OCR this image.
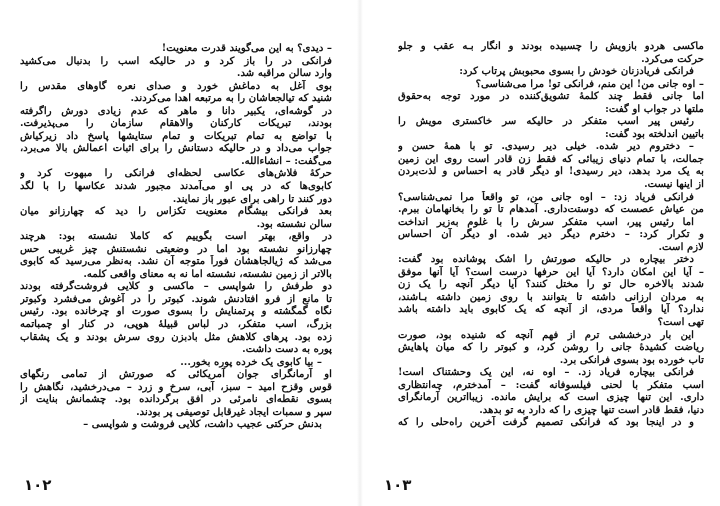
– دیدی؟ به این می‌گویند قدرت معنویت!
فرانکی در را باز کرد و در حالیکه اسب را بدنبال می‌کشید
وارد سالن مراقبه شد.
بوی آغل به دماغش خورد و صدای نعره گاوهای مقدس را
شنید که تیالجعاشان را به مرتبعه اهدا می‌کردند.
در گوشه‌ای، یکبیر دانا و ماهر که عدم زیادی دورش راگرفته
بودند، تبریکات کارکنان والاهقام سازمان را می‌پذیرفت.
با تواضع به تمام تبریکات و تمام ستایشها پاسخ داد زیرکیاش
جواب می‌داد و در حالیکه دستانش را برای اثبات اعمالش بالا می‌برد،
می‌گفت: – انشاءالله.
حرکهٔ فلاش‌های عکاسی لحظه‌ای فرانکی را مبهوت کرد و
کابوی‌ها که در پی او می‌آمدند مجبور شدند عکاسها را با لگد
دور کنند تا راهی برای عبور باز نمایند.
بعد فرانکی بیشگام معنویت تکزاس را دید که چهارزانو میان
سالن نشسته بود.
در واقع، بهتر است بگوییم که کاملا نشسته بود: هرچند
چهارزانو نشسته بود اما در وضعیتی نشستنش چیز غریبی حس
می‌شد که ژیالجاهشان فوراً متوجه آن نشد. بەنظر می‌رسید که کابوی
بالاتر از زمین نشسته، نشسته اما نه به معنای واقعی کلمه.
دو طرفش را شواپسی – ماکسی و کلایی فروشت‌گرفته بودند
تا مانع از فرو افتادنش شوند. کبوتر را در آغوش می‌فشرد وکبوتر
نگاه گمگشته و پرتمنایش را بسوی صورت او چرخانده بود. رئیس
بزرگ، اسب متفکر، در لباس قبیلهٔ هوپی، در کنار او چمباتمه
زده بود. پرهای کلاهش مثل بادبزن روی سرش بودند و یک پشقاب
پوره به دست داشت.
– بیا کابوی یک خرده پوره بخور...
او آرمانگرای جوان آمریکائی که صورتش از تمامی رنگهای
قوس وقزح امید – سبز، آبی، سرخ و زرد – می‌درخشید، نگاهش را
بسوی نقطه‌ای نامرئی در افق برگردانده بود. چشمانش بنایت از
سپر و سمبات ایجاد غیرقابل توصیفی پر بودند.
بدنش حرکتی عجیب داشت، کلایی فروشت و شواپسی –
۱۰۲
ماکسی هردو بازویش را چسبیده بودند و انگار بـه عقب و جلو
حرکت می‌کرد.
فرانکی فریادزنان خودش را بسوی محبوبش پرتاب کرد:
– اوه جانی من! این منم، فرانکی تو! مرا می‌شناسی؟
اما جانی فقط چند کلمهٔ تشویق‌کننده در مورد توجه به‌حقوق
ملتها در جواب او گفت:
رئیس پیر اسب متفکر در حالیکه سر خاکستری مویش را
باتیین اندلخته بود گفت:
– دختروم دیر شده. خیلی دیر رسیدی. تو با همهٔ حسن و
جمالت، با تمام دنیای زیبائی که فقط زن قادر است روی این زمین
به یک مرد بدهد، دیر رسیدی! او دیگر قادر به احساس و لذت‌بردن
از اینها نیست.
فرانکی فریاد زد: – اوه جانی من، تو واقعاً مرا نمی‌شناسی؟
من عیاش عصست که دوستت‌داری. آمدهام تا تو را بخانهامان ببرم.
اما رئیس پیر، اسب متفکر سرش را با غلوم به‌زیر انداخت
و تکرار کرد: – دخترم دیگر دیر شده. او دیگر آن احساس
لازم است.
دختر بیچاره در حالیکه صورتش را اشک پوشانده بود گفت:
– آیا این امکان دارد؟ آیا این حرفها درست است؟ آیا آنها موفق
شدند بالاخره حال تو را مختل کنند؟ آیا دیگر آنچه را یک زن
به مردان ارزانی داشته تا بتوانند با روی زمین داشته بـاشند،
ندارد؟ آیا واقعاً مردی، از آنچه که یک کابوی باید داشته باشد
تهی است؟
این بار درخششی ترم از فهم آنچه که شنیده بود، صورت
ریاضت کشیدهٔ جانی را روشن کرد، و کبوتر را که میان پاهایش
تاب خورده بود بسوی فرانکی برد.
فرانکی بیچاره فریاد زد. – اوه نه، این یک وحشتناک است!
اسب متفکر با لحنی فیلسوفانه گفت: – آمدخترم، چه‌انتظاری
داری. این تنها چیزی است که برایش مانده. زیبااترین آرمانگرای
دنیا، فقط قادر است تنها چیزی را که دارد به تو بدهد.
و در اینجا بود که فرانکی تصمیم گرفت آخرین راه‌حلی را که
۱۰۳
